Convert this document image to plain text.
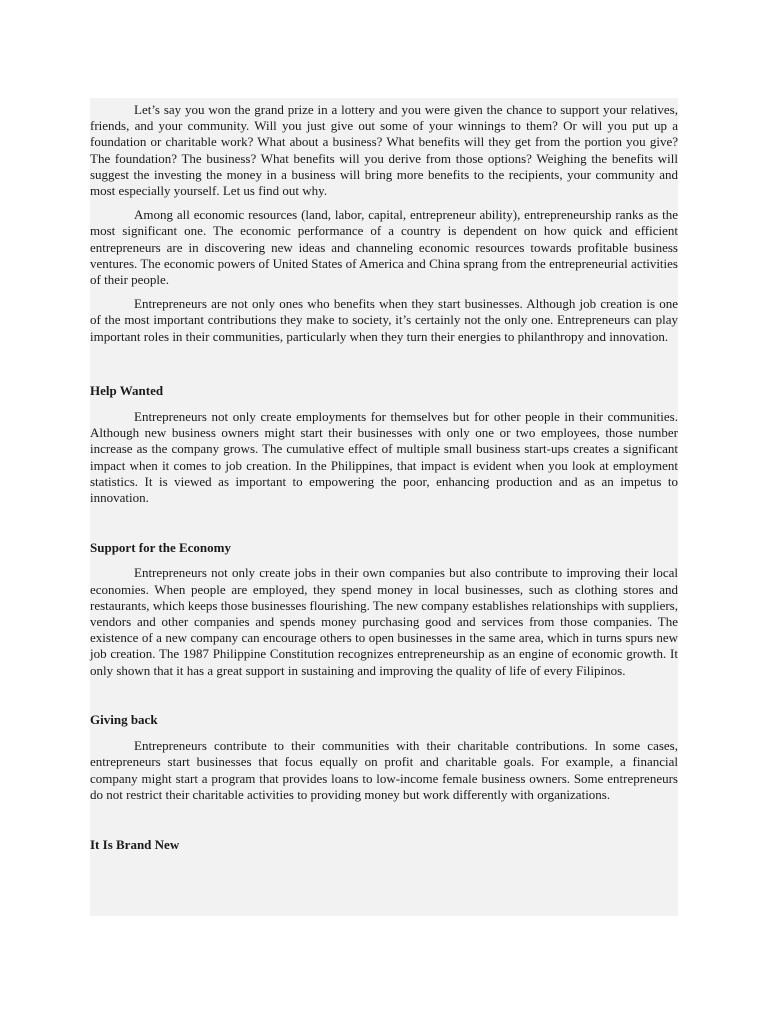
Let’s say you won the grand prize in a lottery and you were given the chance to support your relatives, friends, and your community. Will you just give out some of your winnings to them? Or will you put up a foundation or charitable work? What about a business? What benefits will they get from the portion you give? The foundation? The business? What benefits will you derive from those options? Weighing the benefits will suggest the investing the money in a business will bring more benefits to the recipients, your community and most especially yourself. Let us find out why.

Among all economic resources (land, labor, capital, entrepreneur ability), entrepreneurship ranks as the most significant one. The economic performance of a country is dependent on how quick and efficient entrepreneurs are in discovering new ideas and channeling economic resources towards profitable business ventures. The economic powers of United States of America and China sprang from the entrepreneurial activities of their people.

Entrepreneurs are not only ones who benefits when they start businesses. Although job creation is one of the most important contributions they make to society, it’s certainly not the only one. Entrepreneurs can play important roles in their communities, particularly when they turn their energies to philanthropy and innovation.

Help Wanted

Entrepreneurs not only create employments for themselves but for other people in their communities. Although new business owners might start their businesses with only one or two employees, those number increase as the company grows. The cumulative effect of multiple small business start-ups creates a significant impact when it comes to job creation. In the Philippines, that impact is evident when you look at employment statistics. It is viewed as important to empowering the poor, enhancing production and as an impetus to innovation.

Support for the Economy

Entrepreneurs not only create jobs in their own companies but also contribute to improving their local economies. When people are employed, they spend money in local businesses, such as clothing stores and restaurants, which keeps those businesses flourishing. The new company establishes relationships with suppliers, vendors and other companies and spends money purchasing good and services from those companies. The existence of a new company can encourage others to open businesses in the same area, which in turns spurs new job creation. The 1987 Philippine Constitution recognizes entrepreneurship as an engine of economic growth. It only shown that it has a great support in sustaining and improving the quality of life of every Filipinos.

Giving back

Entrepreneurs contribute to their communities with their charitable contributions. In some cases, entrepreneurs start businesses that focus equally on profit and charitable goals. For example, a financial company might start a program that provides loans to low-income female business owners. Some entrepreneurs do not restrict their charitable activities to providing money but work differently with organizations.

It Is Brand New
